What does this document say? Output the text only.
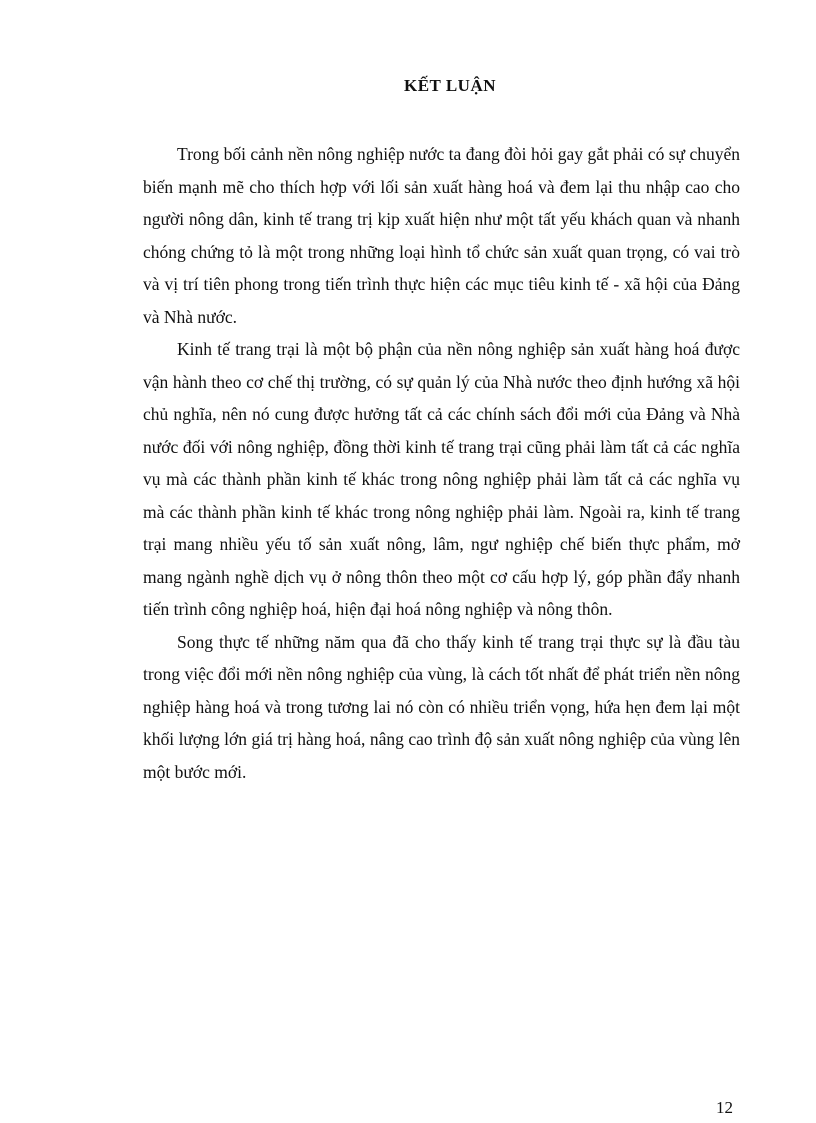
KẾT LUẬN

Trong bối cảnh nền nông nghiệp nước ta đang đòi hỏi gay gắt phải có sự chuyển biến mạnh mẽ cho thích hợp với lối sản xuất hàng hoá và đem lại thu nhập cao cho người nông dân, kinh tế trang trị kịp xuất hiện như một tất yếu khách quan và nhanh chóng chứng tỏ là một trong những loại hình tổ chức sản xuất quan trọng, có vai trò và vị trí tiên phong trong tiến trình thực hiện các mục tiêu kinh tế - xã hội của Đảng và Nhà nước.

Kinh tế trang trại là một bộ phận của nền nông nghiệp sản xuất hàng hoá được vận hành theo cơ chế thị trường, có sự quản lý của Nhà nước theo định hướng xã hội chủ nghĩa, nên nó cung được hưởng tất cả các chính sách đổi mới của Đảng và Nhà nước đối với nông nghiệp, đồng thời kinh tế trang trại cũng phải làm tất cả các nghĩa vụ mà các thành phần kinh tế khác trong nông nghiệp phải làm tất cả các nghĩa vụ mà các thành phần kinh tế khác trong nông nghiệp phải làm. Ngoài ra, kinh tế trang trại mang nhiều yếu tố sản xuất nông, lâm, ngư nghiệp chế biến thực phẩm, mở mang ngành nghề dịch vụ ở nông thôn theo một cơ cấu hợp lý, góp phần đẩy nhanh tiến trình công nghiệp hoá, hiện đại hoá nông nghiệp và nông thôn.

Song thực tế những năm qua đã cho thấy kinh tế trang trại thực sự là đầu tàu trong việc đổi mới nền nông nghiệp của vùng, là cách tốt nhất để phát triển nền nông nghiệp hàng hoá và trong tương lai nó còn có nhiều triển vọng, hứa hẹn đem lại một khối lượng lớn giá trị hàng hoá, nâng cao trình độ sản xuất nông nghiệp của vùng lên một bước mới.

12
